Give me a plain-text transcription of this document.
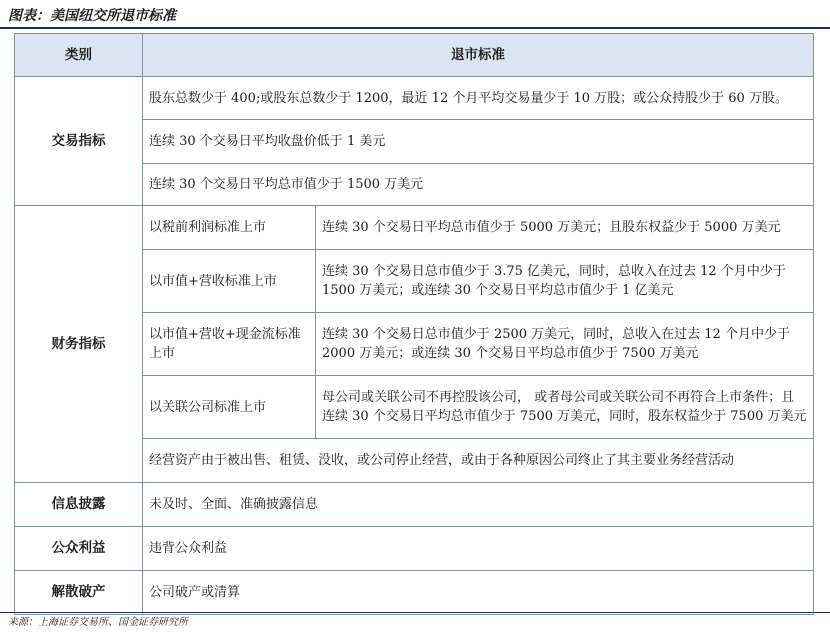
图表：美国纽交所退市标准
类别	退市标准	
交易指标	股东总数少于 400;或股东总数少于 1200，最近 12 个月平均交易量少于 10 万股；或公众持股少于 60 万股。	
	连续 30 个交易日平均收盘价低于 1 美元	
	连续 30 个交易日平均总市值少于 1500 万美元	
财务指标	以税前利润标准上市	连续 30 个交易日平均总市值少于 5000 万美元；且股东权益少于 5000 万美元
	以市值+营收标准上市	连续 30 个交易日总市值少于 3.75 亿美元，同时，总收入在过去 12 个月中少于 1500 万美元；或连续 30 个交易日平均总市值少于 1 亿美元
	以市值+营收+现金流标准上市	连续 30 个交易日总市值少于 2500 万美元，同时，总收入在过去 12 个月中少于 2000 万美元；或连续 30 个交易日平均总市值少于 7500 万美元
	以关联公司标准上市	母公司或关联公司不再控股该公司， 或者母公司或关联公司不再符合上市条件；且连续 30 个交易日平均总市值少于 7500 万美元，同时，股东权益少于 7500 万美元
	经营资产由于被出售、租赁、没收，或公司停止经营，或由于各种原因公司终止了其主要业务经营活动	
信息披露	未及时、全面、准确披露信息	
公众利益	违背公众利益	
解散破产	公司破产或清算	
来源：上海证券交易所、国金证券研究所
